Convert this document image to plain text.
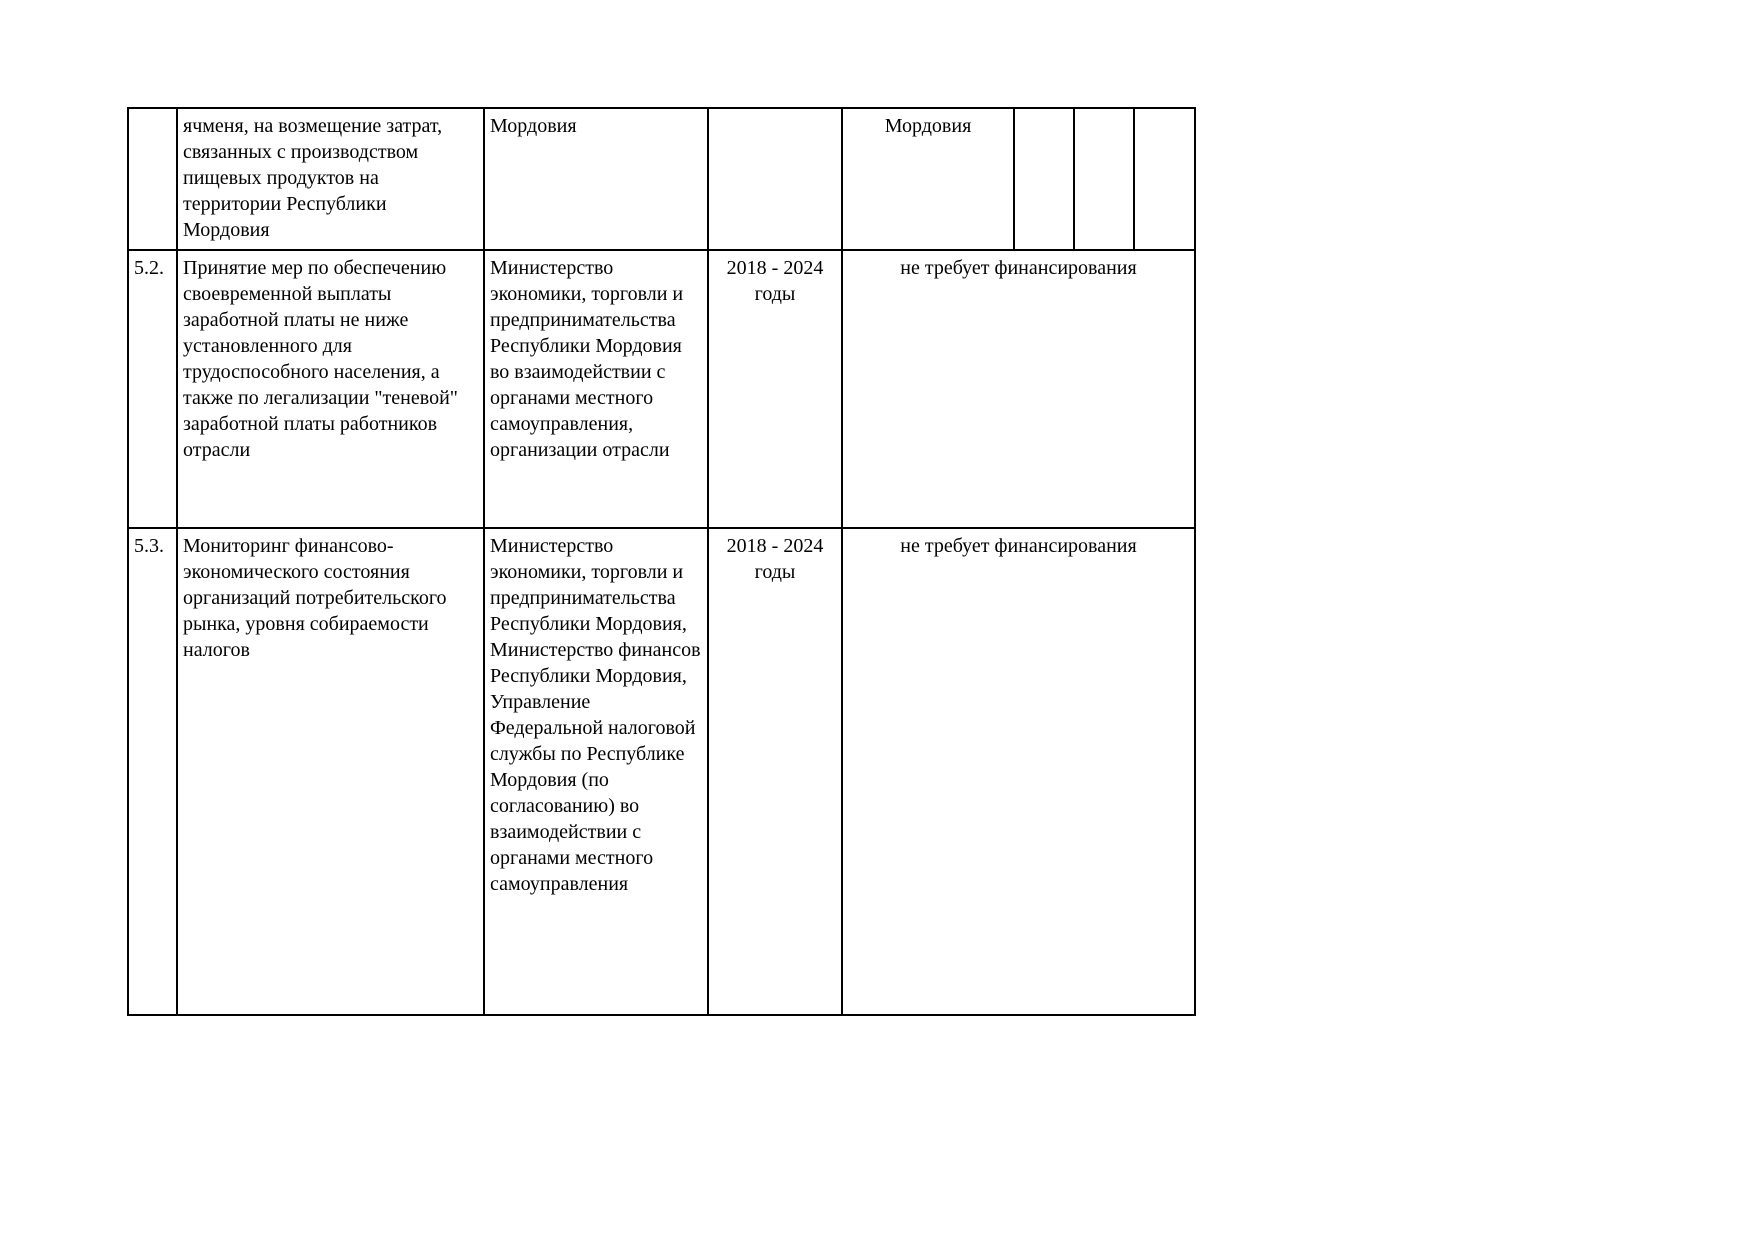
	ячменя, на возмещение затрат, связанных с производством пищевых продуктов на территории Республики Мордовия	Мордовия		Мордовия			
5.2.	Принятие мер по обеспечению своевременной выплаты заработной платы не ниже установленного для трудоспособного населения, а также по легализации "теневой" заработной платы работников отрасли	Министерство экономики, торговли и предпринимательства Республики Мордовия во взаимодействии с органами местного самоуправления, организации отрасли	2018 - 2024 годы	не требует финансирования			
5.3.	Мониторинг финансово-экономического состояния организаций потребительского рынка, уровня собираемости налогов	Министерство экономики, торговли и предпринимательства Республики Мордовия, Министерство финансов Республики Мордовия, Управление Федеральной налоговой службы по Республике Мордовия (по согласованию) во взаимодействии с органами местного самоуправления	2018 - 2024 годы	не требует финансирования			
